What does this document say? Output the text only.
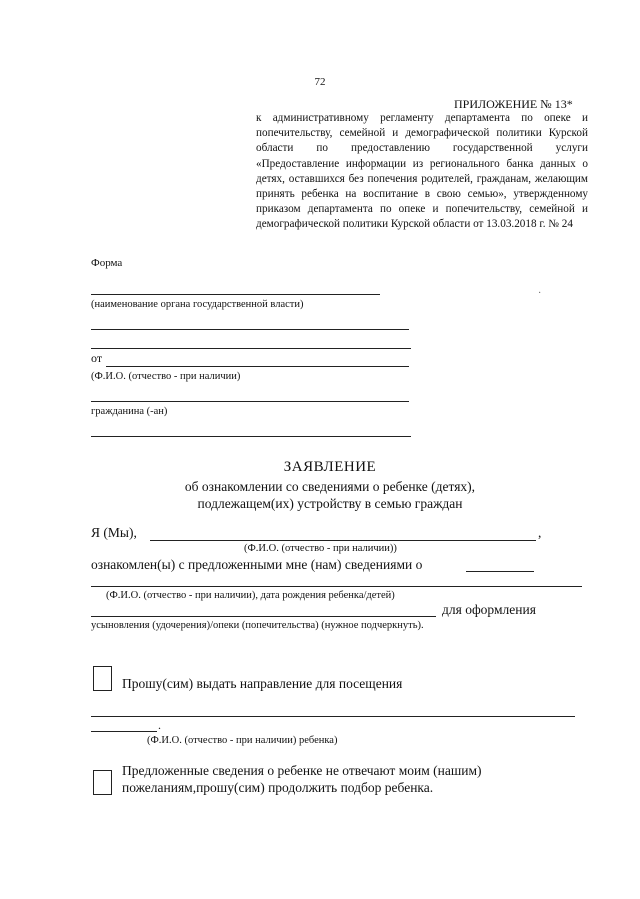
72
ПРИЛОЖЕНИЕ № 13*
к административному регламенту департамента по опеке и попечительству, семейной и демографической политики Курской области по предоставлению государственной услуги «Предоставление информации из регионального банка данных о детях, оставшихся без попечения родителей, гражданам, желающим принять ребенка на воспитание в свою семью», утвержденному приказом департамента по опеке и попечительству, семейной и демографической политики Курской области от 13.03.2018 г. № 24
Форма
(наименование органа государственной власти)
от
(Ф.И.О. (отчество - при наличии)
гражданина (-ан)
·
ЗАЯВЛЕНИЕ
об ознакомлении со сведениями о ребенке (детях),
подлежащем(их) устройству в семью граждан
Я (Мы),	,
(Ф.И.О. (отчество - при наличии))
ознакомлен(ы) с предложенными мне (нам) сведениями о
(Ф.И.О. (отчество - при наличии), дата рождения ребенка/детей)
для оформления
усыновления (удочерения)/опеки (попечительства) (нужное подчеркнуть).
Прошу(сим) выдать направление для посещения
.
(Ф.И.О. (отчество - при наличии) ребенка)
Предложенные сведения о ребенке не отвечают моим (нашим)
пожеланиям,прошу(сим) продолжить подбор ребенка.
